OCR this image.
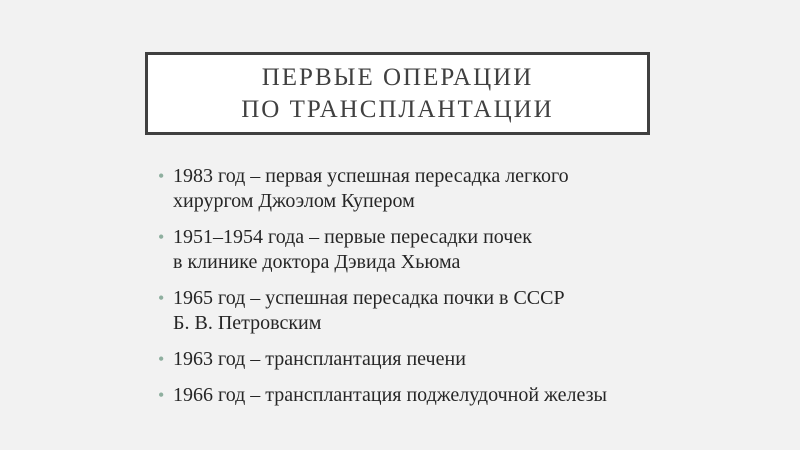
ПЕРВЫЕ ОПЕРАЦИИ
ПО ТРАНСПЛАНТАЦИИ
• 1983 год – первая успешная пересадка легкого
хирургом Джоэлом Купером
• 1951–1954 года – первые пересадки почек
в клинике доктора Дэвида Хьюма
• 1965 год – успешная пересадка почки в СССР
Б. В. Петровским
• 1963 год – трансплантация печени
• 1966 год – трансплантация поджелудочной железы
